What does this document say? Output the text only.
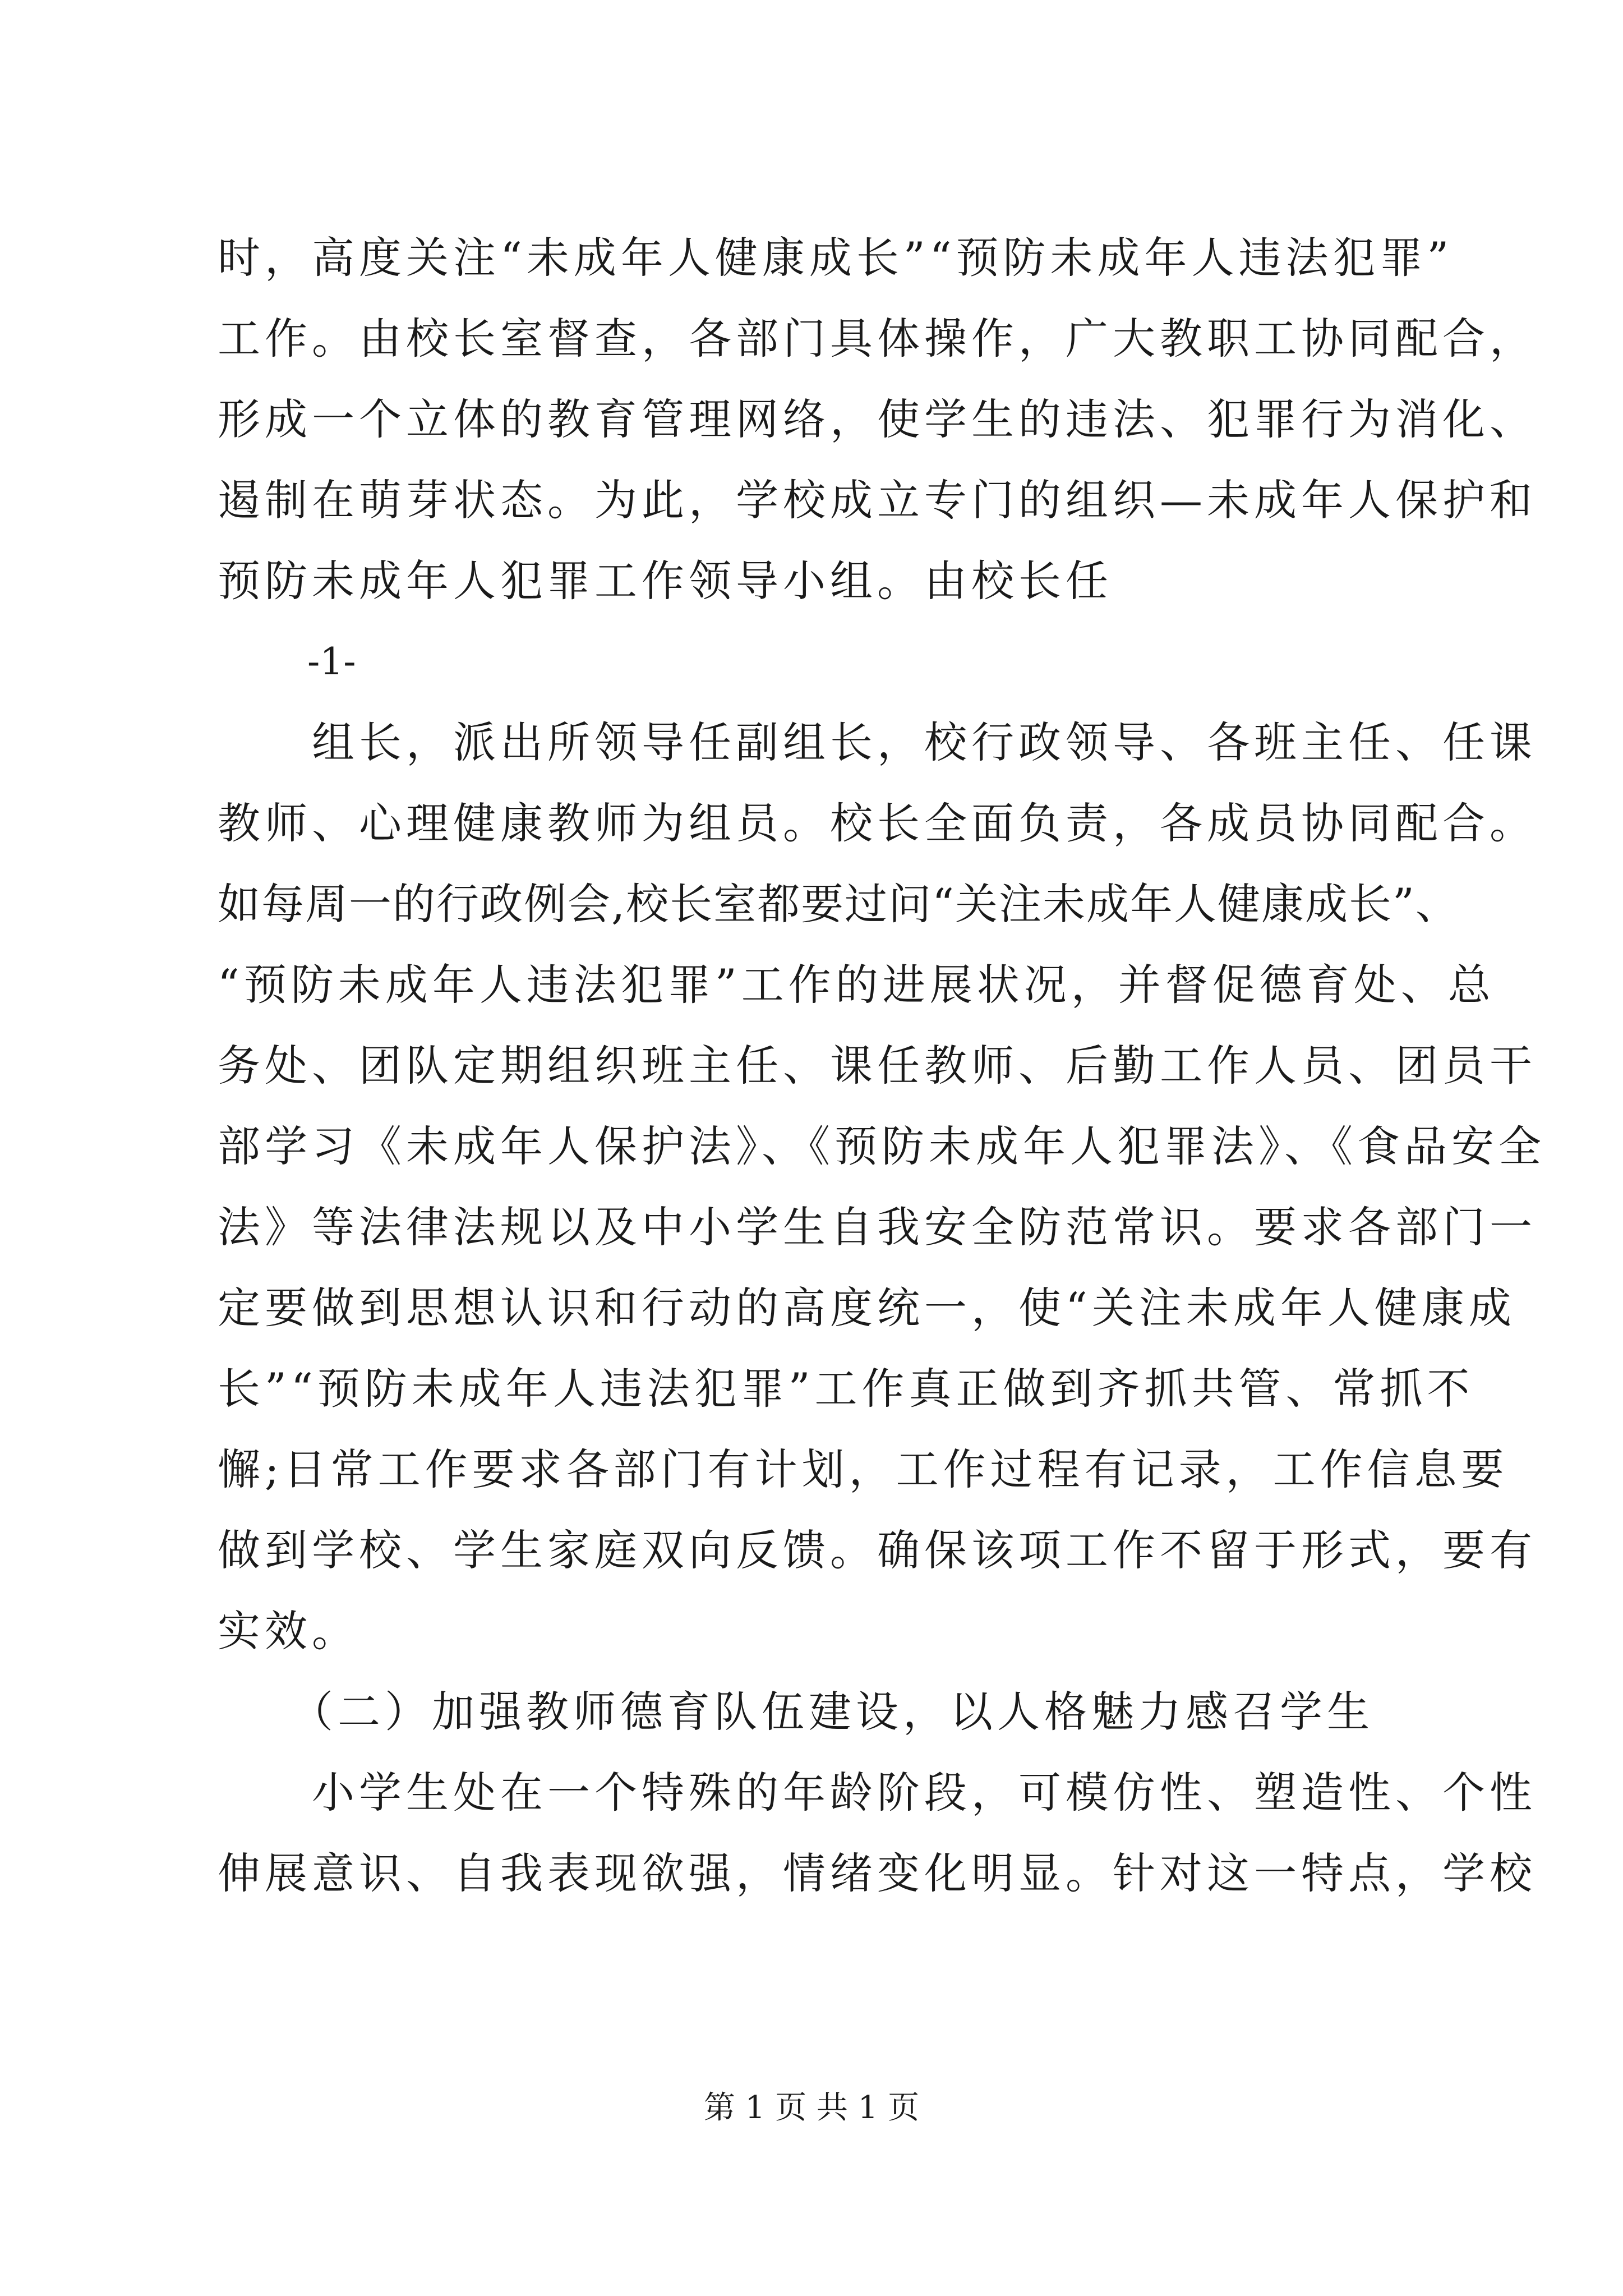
时，高度关注“未成年人健康成长”“预防未成年人违法犯罪”
工作。由校长室督查，各部门具体操作，广大教职工协同配合，
形成一个立体的教育管理网络，使学生的违法、犯罪行为消化、
遏制在萌芽状态。为此，学校成立专门的组织—未成年人保护和
预防未成年人犯罪工作领导小组。由校长任
-1-
　　组长，派出所领导任副组长，校行政领导、各班主任、任课
教师、心理健康教师为组员。校长全面负责，各成员协同配合。
如每周一的行政例会,校长室都要过问“关注未成年人健康成长”、
“预防未成年人违法犯罪”工作的进展状况，并督促德育处、总
务处、团队定期组织班主任、课任教师、后勤工作人员、团员干
部学习《未成年人保护法》、《预防未成年人犯罪法》、《食品安全
法》等法律法规以及中小学生自我安全防范常识。要求各部门一
定要做到思想认识和行动的高度统一，使“关注未成年人健康成
长”“预防未成年人违法犯罪”工作真正做到齐抓共管、常抓不
懈;日常工作要求各部门有计划，工作过程有记录，工作信息要
做到学校、学生家庭双向反馈。确保该项工作不留于形式，要有
实效。
　　（二）加强教师德育队伍建设，以人格魅力感召学生
　　小学生处在一个特殊的年龄阶段，可模仿性、塑造性、个性
伸展意识、自我表现欲强，情绪变化明显。针对这一特点，学校
第 1 页 共 1 页
